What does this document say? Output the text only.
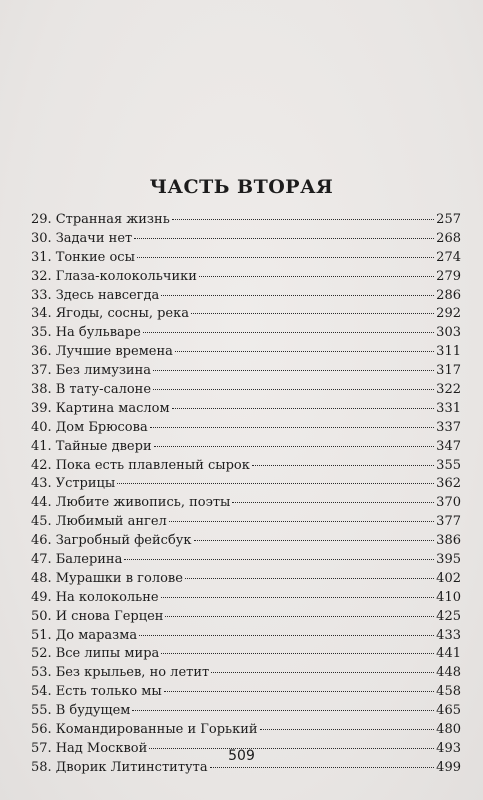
ЧАСТЬ ВТОРАЯ
29. Странная жизнь	257
30. Задачи нет	268
31. Тонкие осы	274
32. Глаза-колокольчики	279
33. Здесь навсегда	286
34. Ягоды, сосны, река	292
35. На бульваре	303
36. Лучшие времена	311
37. Без лимузина	317
38. В тату-салоне	322
39. Картина маслом	331
40. Дом Брюсова	337
41. Тайные двери	347
42. Пока есть плавленый сырок	355
43. Устрицы	362
44. Любите живопись, поэты	370
45. Любимый ангел	377
46. Загробный фейсбук	386
47. Балерина	395
48. Мурашки в голове	402
49. На колокольне	410
50. И снова Герцен	425
51. До маразма	433
52. Все липы мира	441
53. Без крыльев, но летит	448
54. Есть только мы	458
55. В будущем	465
56. Командированные и Горький	480
57. Над Москвой	493
58. Дворик Литинститута	499
509
